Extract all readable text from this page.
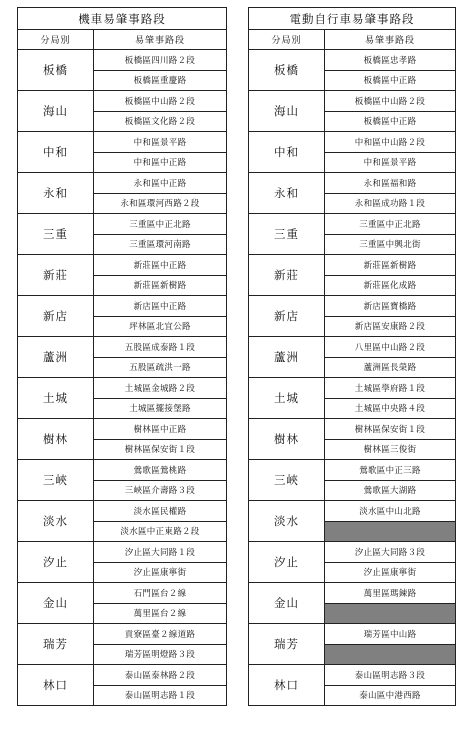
機車易肇事路段	
分局別	易肇事路段
板橋	板橋區四川路２段
	板橋區重慶路
海山	板橋區中山路２段
	板橋區文化路２段
中和	中和區景平路
	中和區中正路
永和	永和區中正路
	永和區環河西路２段
三重	三重區中正北路
	三重區環河南路
新莊	新莊區中正路
	新莊區新樹路
新店	新店區中正路
	坪林區北宜公路
蘆洲	五股區成泰路１段
	五股區疏洪一路
土城	土城區金城路２段
	土城區擺接堡路
樹林	樹林區中正路
	樹林區保安街１段
三峽	鶯歌區鶯桃路
	三峽區介壽路３段
淡水	淡水區民權路
	淡水區中正東路２段
汐止	汐止區大同路１段
	汐止區康寧街
金山	石門區台２線
	萬里區台２線
瑞芳	貢寮區臺２線道路
	瑞芳區明燈路３段
林口	泰山區泰林路２段
	泰山區明志路１段
電動自行車易肇事路段	
分局別	易肇事路段
板橋	板橋區忠孝路
	板橋區中正路
海山	板橋區中山路２段
	板橋區中正路
中和	中和區中山路２段
	中和區景平路
永和	永和區福和路
	永和區成功路１段
三重	三重區中正北路
	三重區中興北街
新莊	新莊區新樹路
	新莊區化成路
新店	新店區寶橋路
	新店區安康路２段
蘆洲	八里區中山路２段
	蘆洲區長榮路
土城	土城區學府路１段
	土城區中央路４段
樹林	樹林區保安街１段
	樹林區三俊街
三峽	鶯歌區中正三路
	鶯歌區大湖路
淡水	淡水區中山北路

汐止	汐止區大同路３段
	汐止區康寧街
金山	萬里區瑪鋉路

瑞芳	瑞芳區中山路

林口	泰山區明志路３段
	泰山區中港西路
